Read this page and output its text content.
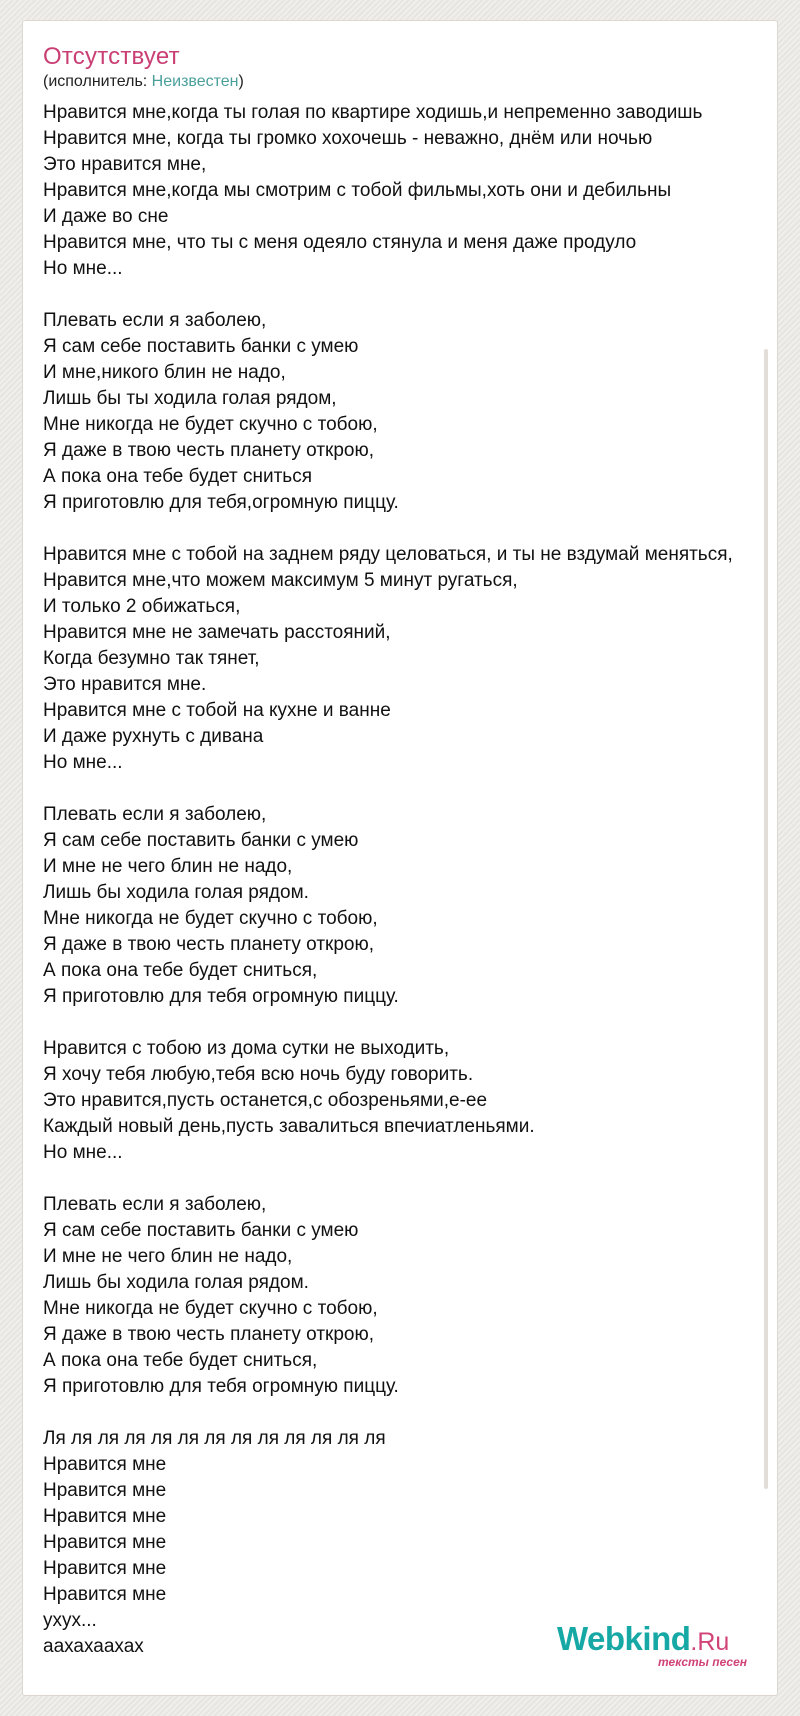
Отсутствует
(исполнитель: Неизвестен)
Нравится мне,когда ты голая по квартире ходишь,и непременно заводишь
Нравится мне, когда ты громко хохочешь - неважно, днём или ночью
Это нравится мне,
Нравится мне,когда мы смотрим с тобой фильмы,хоть они и дебильны
И даже во сне
Нравится мне, что ты с меня одеяло стянула и меня даже продуло
Но мне...

Плевать если я заболею,
Я сам себе поставить банки с умею
И мне,никого блин не надо,
Лишь бы ты ходила голая рядом,
Мне никогда не будет скучно с тобою,
Я даже в твою честь планету открою,
А пока она тебе будет сниться
Я приготовлю для тебя,огромную пиццу.

Нравится мне с тобой на заднем ряду целоваться, и ты не вздумай меняться,
Нравится мне,что можем максимум 5 минут ругаться,
И только 2 обижаться,
Нравится мне не замечать расстояний,
Когда безумно так тянет,
Это нравится мне.
Нравится мне с тобой на кухне и ванне
И даже рухнуть с дивана
Но мне...

Плевать если я заболею,
Я сам себе поставить банки с умею
И мне не чего блин не надо,
Лишь бы ходила голая рядом.
Мне никогда не будет скучно с тобою,
Я даже в твою честь планету открою,
А пока она тебе будет сниться,
Я приготовлю для тебя огромную пиццу.

Нравится с тобою из дома сутки не выходить,
Я хочу тебя любую,тебя всю ночь буду говорить.
Это нравится,пусть останется,с обозреньями,е-ее
Каждый новый день,пусть завалиться впечиатленьями.
Но мне...

Плевать если я заболею,
Я сам себе поставить банки с умею
И мне не чего блин не надо,
Лишь бы ходила голая рядом.
Мне никогда не будет скучно с тобою,
Я даже в твою честь планету открою,
А пока она тебе будет сниться,
Я приготовлю для тебя огромную пиццу.

Ля ля ля ля ля ля ля ля ля ля ля ля ля
Нравится мне
Нравится мне
Нравится мне
Нравится мне
Нравится мне
Нравится мне
ухух...
аахахаахах	Webkind.Ru
тексты песен
